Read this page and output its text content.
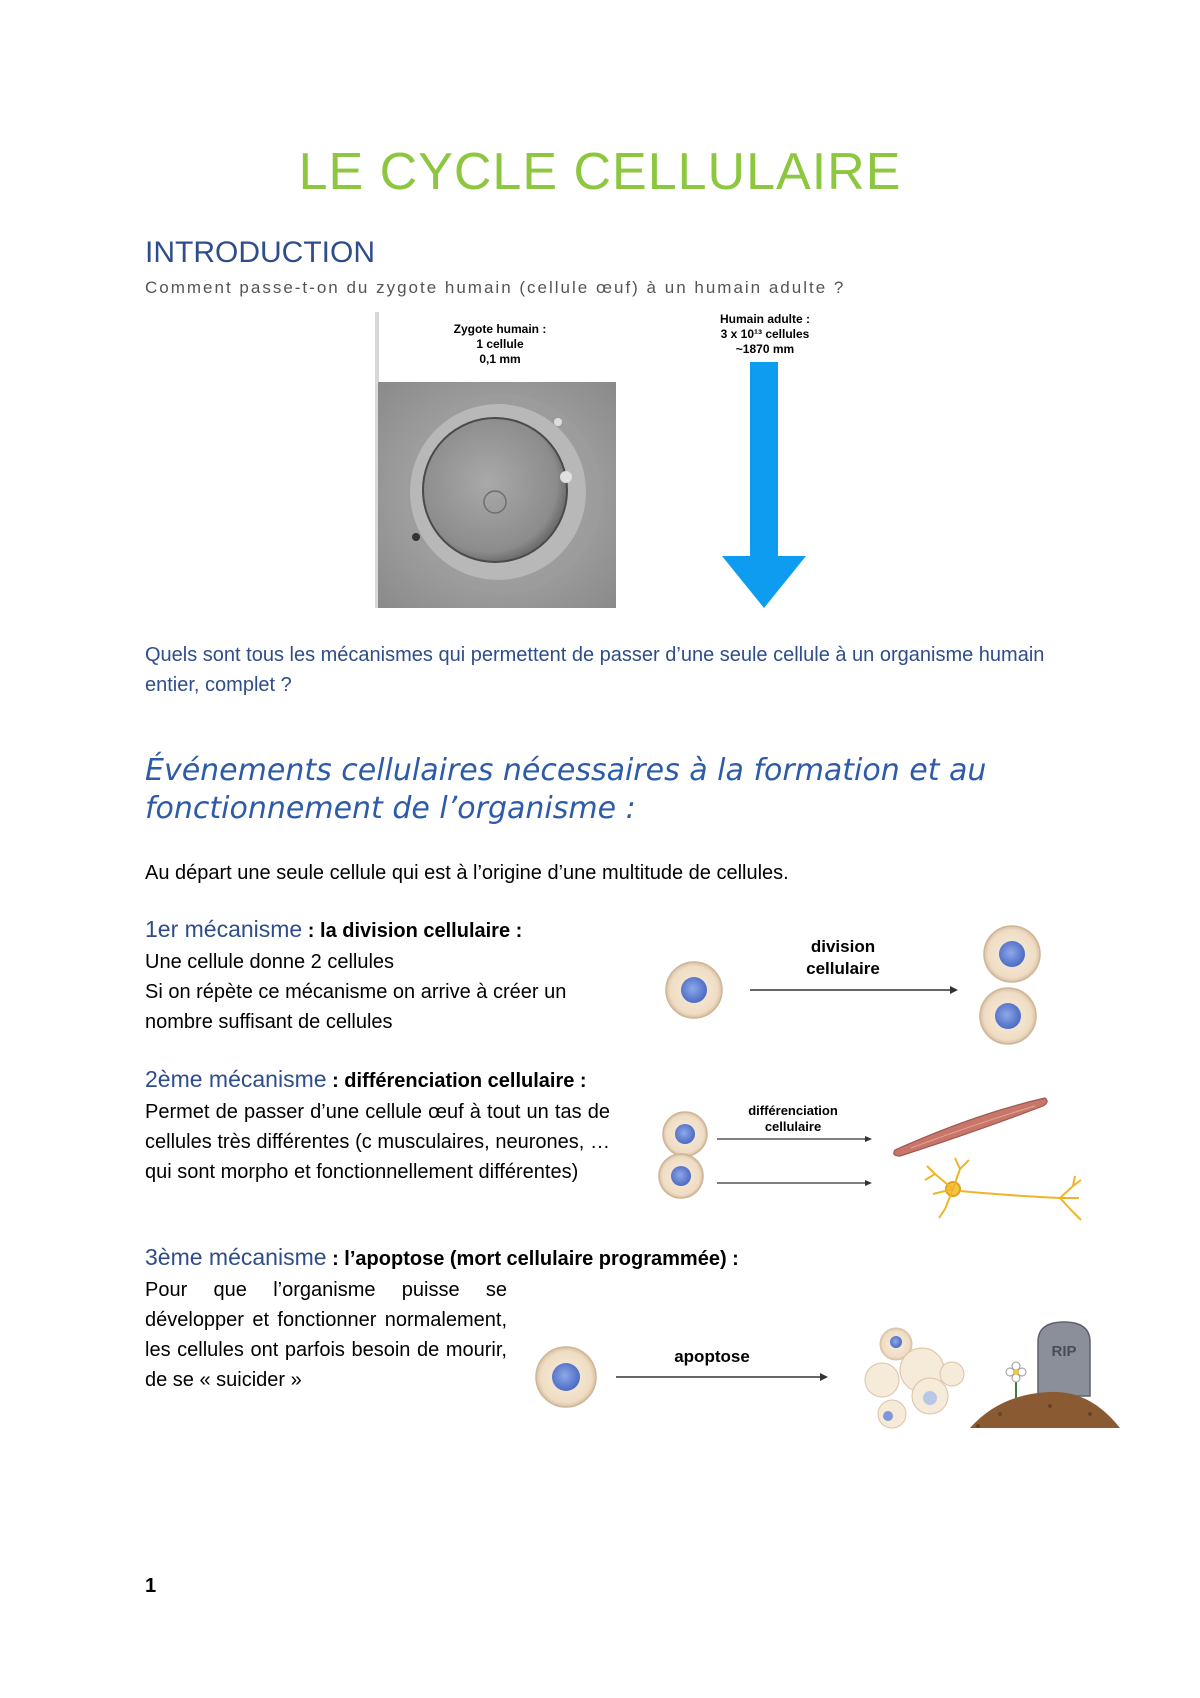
LE CYCLE CELLULAIRE
INTRODUCTION
Comment passe-t-on du zygote humain (cellule œuf) à un humain adulte ?
Zygote humain :
1 cellule
0,1 mm
Humain adulte :
3 x 10¹³ cellules
~1870 mm
Quels sont tous les mécanismes qui permettent de passer d’une seule cellule à un organisme humain entier, complet ?
Événements cellulaires nécessaires à la formation et au fonctionnement de l’organisme :
Au départ une seule cellule qui est à l’origine d’une multitude de cellules.
1er mécanisme : la division cellulaire :
Une cellule donne 2 cellules
Si on répète ce mécanisme on arrive à créer un
nombre suffisant de cellules
division
cellulaire
2ème mécanisme : différenciation cellulaire :
Permet de passer d’une cellule œuf à tout un tas de cellules très différentes (c musculaires, neurones, … qui sont morpho et fonctionnellement différentes)
différenciation
cellulaire
3ème mécanisme : l’apoptose (mort cellulaire programmée) :
Pour que l’organisme puisse se développer et fonctionner normalement, les cellules ont parfois besoin de mourir, de se « suicider »
apoptose	RIP
1
